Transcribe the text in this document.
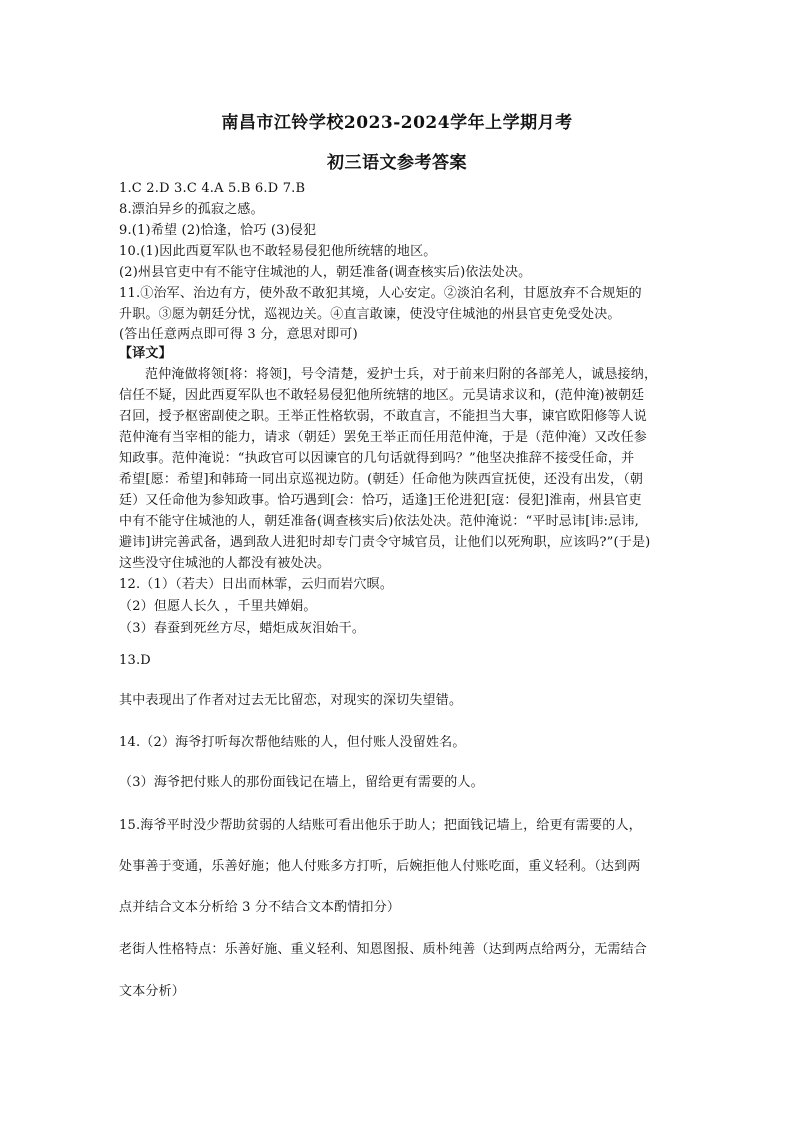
南昌市江铃学校2023-2024学年上学期月考
初三语文参考答案
1.C 2.D 3.C 4.A 5.B 6.D 7.B
8.漂泊异乡的孤寂之感。
9.(1)希望 (2)恰逢，恰巧 (3)侵犯
10.(1)因此西夏军队也不敢轻易侵犯他所统辖的地区。
(2)州县官吏中有不能守住城池的人，朝廷准备(调查核实后)依法处决。
11.①治军、治边有方，使外敌不敢犯其境，人心安定。②淡泊名利，甘愿放弃不合规矩的
升职。③愿为朝廷分忧，巡视边关。④直言敢谏，使没守住城池的州县官吏免受处决。
(答出任意两点即可得 3 分，意思对即可)
【译文】
范仲淹做将领[将：将领]，号令清楚，爱护士兵，对于前来归附的各部羌人，诚恳接纳，
信任不疑，因此西夏军队也不敢轻易侵犯他所统辖的地区。元昊请求议和，(范仲淹)被朝廷
召回，授予枢密副使之职。王举正性格软弱，不敢直言，不能担当大事，谏官欧阳修等人说
范仲淹有当宰相的能力，请求（朝廷）罢免王举正而任用范仲淹，于是（范仲淹）又改任参
知政事。范仲淹说：“执政官可以因谏官的几句话就得到吗？”他坚决推辞不接受任命，并
希望[愿：希望]和韩琦一同出京巡视边防。(朝廷）任命他为陕西宣抚使，还没有出发，（朝
廷）又任命他为参知政事。恰巧遇到[会：恰巧，适逢]王伦进犯[寇：侵犯]淮南，州县官吏
中有不能守住城池的人，朝廷准备(调查核实后)依法处决。范仲淹说：“平时忌讳[讳:忌讳,
避讳]讲完善武备，遇到敌人进犯时却专门责令守城官员，让他们以死殉职，应该吗?”(于是)
这些没守住城池的人都没有被处决。
12.（1）（若夫）日出而林霏，云归而岩穴暝。
（2）但愿人长久 ，千里共婵娟。
（3）春蚕到死丝方尽，蜡炬成灰泪始干。
13.D
其中表现出了作者对过去无比留恋，对现实的深切失望错。
14.（2）海爷打听每次帮他结账的人，但付账人没留姓名。
（3）海爷把付账人的那份面钱记在墙上，留给更有需要的人。
15.海爷平时没少帮助贫弱的人结账可看出他乐于助人；把面钱记墙上，给更有需要的人，
处事善于变通，乐善好施；他人付账多方打听，后婉拒他人付账吃面，重义轻利。（达到两
点并结合文本分析给 3 分不结合文本酌情扣分）
老街人性格特点：乐善好施、重义轻利、知恩图报、质朴纯善（达到两点给两分，无需结合
文本分析）
